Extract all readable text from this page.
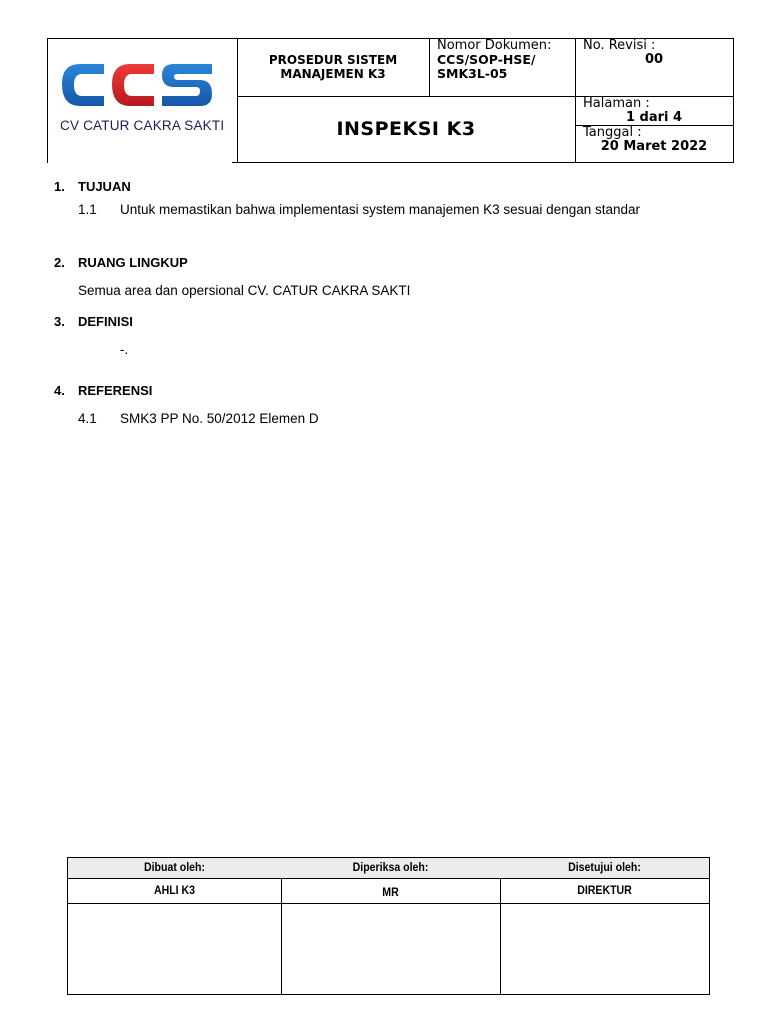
CV CATUR CAKRA SAKTI
PROSEDUR SISTEM
MANAJEMEN K3
Nomor Dokumen:
CCS/SOP-HSE/
SMK3L-05
No. Revisi :
00
INSPEKSI K3
Halaman :
1 dari 4
Tanggal :
20 Maret 2022
1. TUJUAN
1.1 Untuk memastikan bahwa implementasi system manajemen K3 sesuai dengan standar
2. RUANG LINGKUP
Semua area dan opersional CV. CATUR CAKRA SAKTI
3. DEFINISI
-.
4. REFERENSI
4.1 SMK3 PP No. 50/2012 Elemen D
Dibuat oleh:	Diperiksa oleh:	Disetujui oleh:
AHLI K3	MR	DIREKTUR
